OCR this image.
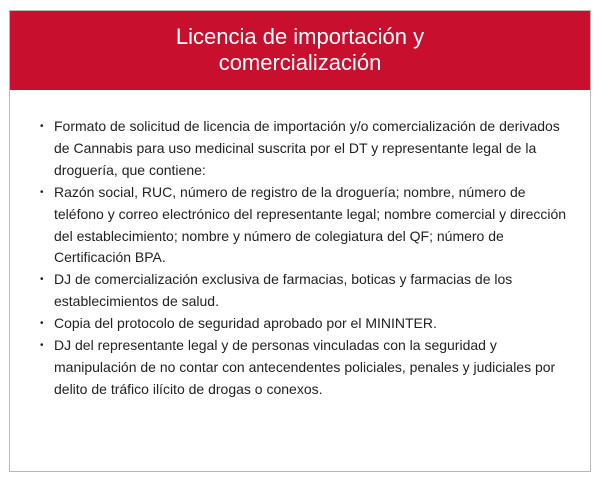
Licencia de importación y comercialización
• Formato de solicitud de licencia de importación y/o comercialización de derivados de Cannabis para uso medicinal suscrita por el DT y representante legal de la droguería, que contiene:
• Razón social, RUC, número de registro de la droguería; nombre, número de teléfono y correo electrónico del representante legal; nombre comercial y dirección del establecimiento; nombre y número de colegiatura del QF; número de Certificación BPA.
• DJ de comercialización exclusiva de farmacias, boticas y farmacias de los establecimientos de salud.
• Copia del protocolo de seguridad aprobado por el MININTER.
• DJ del representante legal y de personas vinculadas con la seguridad y manipulación de no contar con antecendentes policiales, penales y judiciales por delito de tráfico ilícito de drogas o conexos.
